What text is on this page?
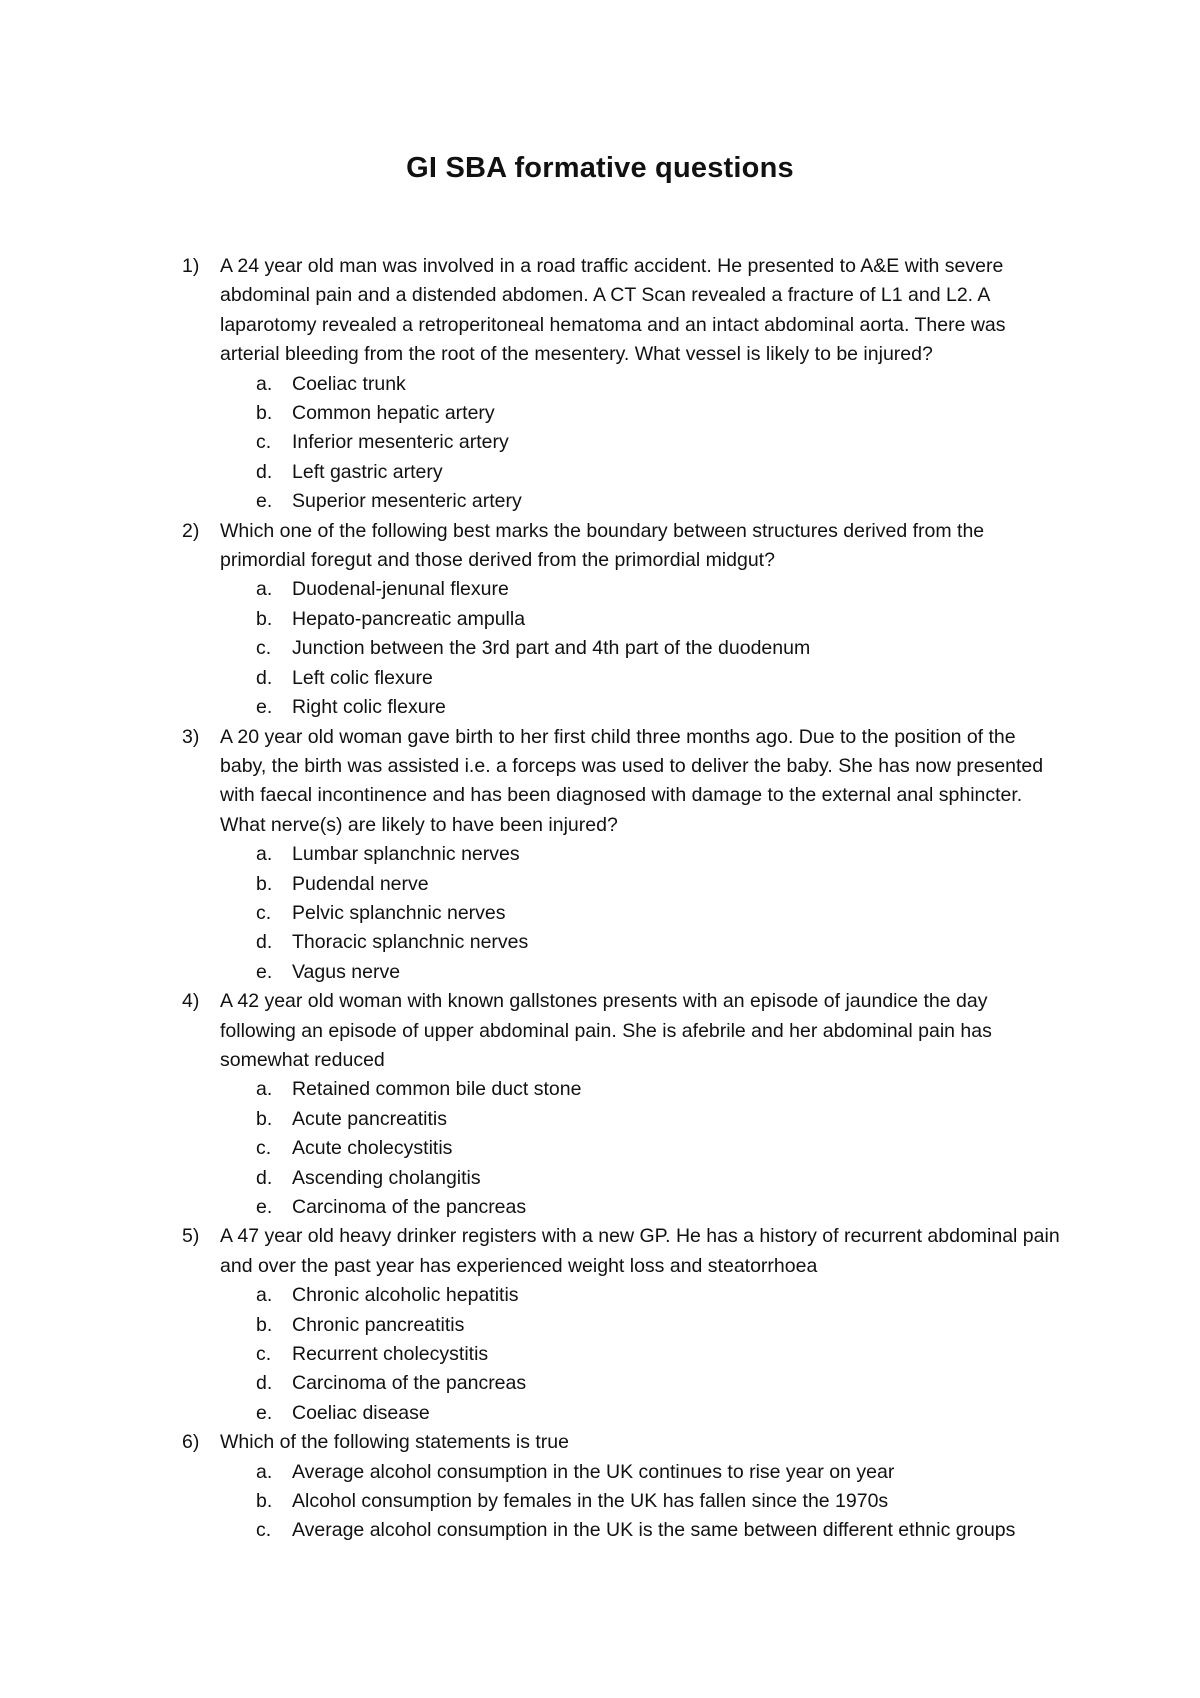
GI SBA formative questions
1)	A 24 year old man was involved in a road traffic accident. He presented to A&E with severe abdominal pain and a distended abdomen. A CT Scan revealed a fracture of L1 and L2. A laparotomy revealed a retroperitoneal hematoma and an intact abdominal aorta. There was arterial bleeding from the root of the mesentery. What vessel is likely to be injured?
a. Coeliac trunk
b. Common hepatic artery
c. Inferior mesenteric artery
d. Left gastric artery
e. Superior mesenteric artery
2)	Which one of the following best marks the boundary between structures derived from the primordial foregut and those derived from the primordial midgut?
a. Duodenal-jenunal flexure
b. Hepato-pancreatic ampulla
c. Junction between the 3rd part and 4th part of the duodenum
d. Left colic flexure
e. Right colic flexure
3)	A 20 year old woman gave birth to her first child three months ago. Due to the position of the baby, the birth was assisted i.e. a forceps was used to deliver the baby. She has now presented with faecal incontinence and has been diagnosed with damage to the external anal sphincter. What nerve(s) are likely to have been injured?
a. Lumbar splanchnic nerves
b. Pudendal nerve
c. Pelvic splanchnic nerves
d. Thoracic splanchnic nerves
e. Vagus nerve
4)	A 42 year old woman with known gallstones presents with an episode of jaundice the day following an episode of upper abdominal pain. She is afebrile and her abdominal pain has somewhat reduced
a. Retained common bile duct stone
b. Acute pancreatitis
c. Acute cholecystitis
d. Ascending cholangitis
e. Carcinoma of the pancreas
5)	A 47 year old heavy drinker registers with a new GP. He has a history of recurrent abdominal pain and over the past year has experienced weight loss and steatorrhoea
a. Chronic alcoholic hepatitis
b. Chronic pancreatitis
c. Recurrent cholecystitis
d. Carcinoma of the pancreas
e. Coeliac disease
6)	Which of the following statements is true
a. Average alcohol consumption in the UK continues to rise year on year
b. Alcohol consumption by females in the UK has fallen since the 1970s
c. Average alcohol consumption in the UK is the same between different ethnic groups
